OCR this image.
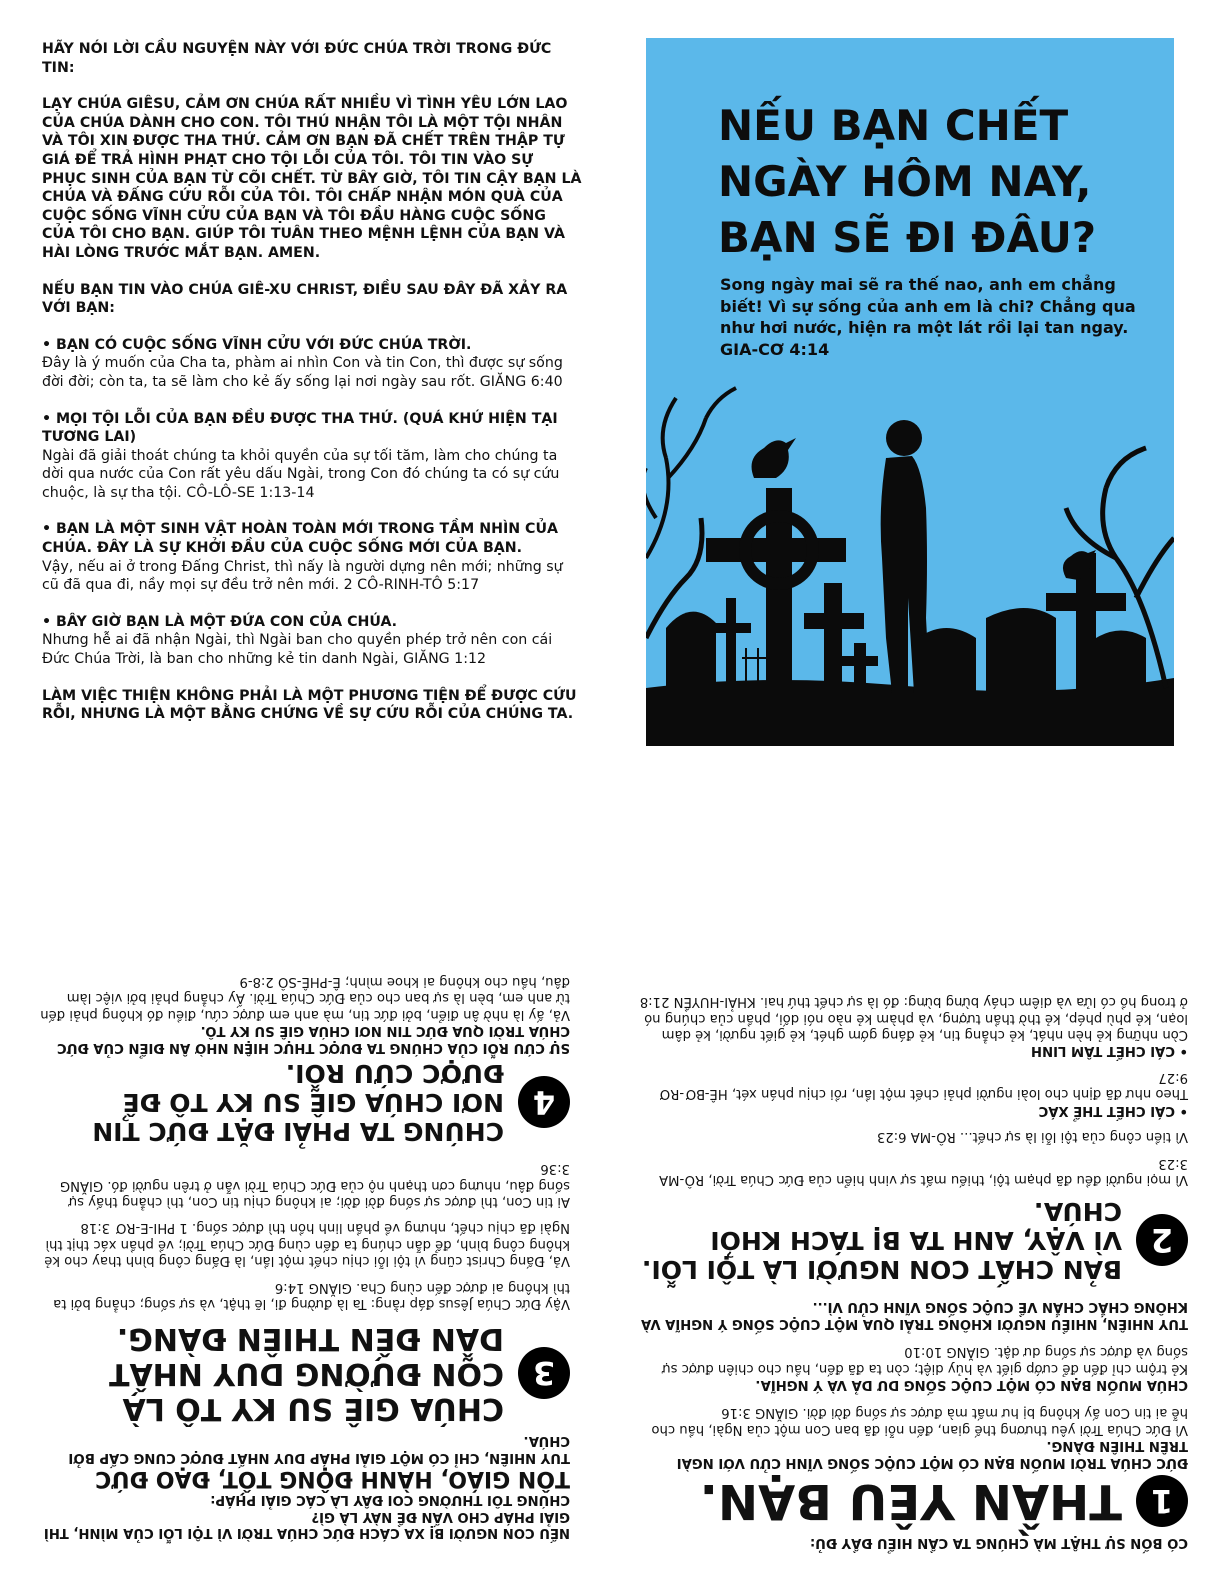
HÃY NÓI LỜI CẦU NGUYỆN NÀY VỚI ĐỨC CHÚA TRỜI TRONG ĐỨC TIN:

LẠY CHÚA GIÊSU, CẢM ƠN CHÚA RẤT NHIỀU VÌ TÌNH YÊU LỚN LAO CỦA CHÚA DÀNH CHO CON. TÔI THÚ NHẬN TÔI LÀ MỘT TỘI NHÂN VÀ TÔI XIN ĐƯỢC THA THỨ. CẢM ƠN BẠN ĐÃ CHẾT TRÊN THẬP TỰ GIÁ ĐỂ TRẢ HÌNH PHẠT CHO TỘI LỖI CỦA TÔI. TÔI TIN VÀO SỰ PHỤC SINH CỦA BẠN TỪ CÕI CHẾT. TỪ BÂY GIỜ, TÔI TIN CẬY BẠN LÀ CHÚA VÀ ĐẤNG CỨU RỖI CỦA TÔI. TÔI CHẤP NHẬN MÓN QUÀ CỦA CUỘC SỐNG VĨNH CỬU CỦA BẠN VÀ TÔI ĐẦU HÀNG CUỘC SỐNG CỦA TÔI CHO BẠN. GIÚP TÔI TUÂN THEO MỆNH LỆNH CỦA BẠN VÀ HÀI LÒNG TRƯỚC MẮT BẠN. AMEN.

NẾU BẠN TIN VÀO CHÚA GIÊ-XU CHRIST, ĐIỀU SAU ĐÂY ĐÃ XẢY RA VỚI BẠN:

• BẠN CÓ CUỘC SỐNG VĨNH CỬU VỚI ĐỨC CHÚA TRỜI.

Đây là ý muốn của Cha ta, phàm ai nhìn Con và tin Con, thì được sự sống đời đời; còn ta, ta sẽ làm cho kẻ ấy sống lại nơi ngày sau rốt. GIĂNG 6:40

• MỌI TỘI LỖI CỦA BẠN ĐỀU ĐƯỢC THA THỨ. (QUÁ KHỨ HIỆN TẠI TƯƠNG LAI)

Ngài đã giải thoát chúng ta khỏi quyền của sự tối tăm, làm cho chúng ta dời qua nước của Con rất yêu dấu Ngài, trong Con đó chúng ta có sự cứu chuộc, là sự tha tội. CÔ-LÔ-SE 1:13-14

• BẠN LÀ MỘT SINH VẬT HOÀN TOÀN MỚI TRONG TẦM NHÌN CỦA CHÚA. ĐÂY LÀ SỰ KHỞI ĐẦU CỦA CUỘC SỐNG MỚI CỦA BẠN.

Vậy, nếu ai ở trong Đấng Christ, thì nấy là người dựng nên mới; những sự cũ đã qua đi, nầy mọi sự đều trở nên mới. 2 CÔ-RINH-TÔ 5:17

• BÂY GIỜ BẠN LÀ MỘT ĐỨA CON CỦA CHÚA.

Nhưng hễ ai đã nhận Ngài, thì Ngài ban cho quyền phép trở nên con cái Đức Chúa Trời, là ban cho những kẻ tin danh Ngài, GIĂNG 1:12

LÀM VIỆC THIỆN KHÔNG PHẢI LÀ MỘT PHƯƠNG TIỆN ĐỂ ĐƯỢC CỨU RỖI, NHƯNG LÀ MỘT BẰNG CHỨNG VỀ SỰ CỨU RỖI CỦA CHÚNG TA.

NẾU BẠN CHẾT NGÀY HÔM NAY, BẠN SẼ ĐI ĐÂU?

Song ngày mai sẽ ra thế nao, anh em chẳng biết! Vì sự sống của anh em là chi? Chẳng qua như hơi nước, hiện ra một lát rồi lại tan ngay. GIA-CƠ 4:14

CÓ BỐN SỰ THẬT MÀ CHÚNG TA CẦN HIỂU ĐẦY ĐỦ:

1
THẦN YÊU BẠN.

ĐỨC CHÚA TRỜI MUỐN BẠN CÓ MỘT CUỘC SỐNG VĨNH CỬU VỚI NGÀI TRÊN THIÊN ĐÀNG.

Vì Đức Chúa Trời yêu thương thế gian, đến nỗi đã ban Con một của Ngài, hầu cho hễ ai tin Con ấy không bị hư mất mà được sự sống đời đời. GIĂNG 3:16

CHÚA MUỐN BẠN CÓ MỘT CUỘC SỐNG DƯ DẢ VÀ Ý NGHĨA.

Kẻ trộm chỉ đến để cướp giết và hủy diệt; còn ta đã đến, hầu cho chiên được sự sống và được sự sống dư dật. GIĂNG 10:10

TUY NHIÊN, NHIỀU NGƯỜI KHÔNG TRẢI QUA MỘT CUỘC SỐNG Ý NGHĨA VÀ KHÔNG CHẮC CHẮN VỀ CUỘC SỐNG VĨNH CỬU VÌ...

2
BẢN CHẤT CON NGƯỜI LÀ TỘI LỖI. VÌ VẬY, ANH TA BỊ TÁCH KHỎI CHÚA.

Vì mọi người đều đã phạm tội, thiếu mất sự vinh hiển của Đức Chúa Trời, RÔ-MA 3:23

Vì tiền công của tội lỗi là sự chết... RÔ-MA 6:23

• CÁI CHẾT THỂ XÁC

Theo như đã định cho loài người phải chết một lần, rồi chịu phán xét, HÊ-BƠ-RƠ 9:27

• CÁI CHẾT TÂM LINH

Còn những kẻ hèn nhát, kẻ chẳng tin, kẻ đáng gớm ghét, kẻ giết người, kẻ dâm loạn, kẻ phù phép, kẻ thờ thần tượng, và phàm kẻ nào nói dối, phần của chúng nó ở trong hồ có lửa và diêm cháy bừng bừng: đó là sự chết thứ hai. KHẢI-HUYỀN 21:8

NẾU CON NGƯỜI BỊ XA CÁCH ĐỨC CHÚA TRỜI VÌ TỘI LỖI CỦA MÌNH, THÌ GIẢI PHÁP CHO VẤN ĐỀ NÀY LÀ GÌ?

CHÚNG TÔI THƯỜNG COI ĐÂY LÀ CÁC GIẢI PHÁP:

TÔN GIÁO, HÀNH ĐỘNG TỐT, ĐẠO ĐỨC

TUY NHIÊN, CHỈ CÓ MỘT GIẢI PHÁP DUY NHẤT ĐƯỢC CUNG CẤP BỞI CHÚA.

3
CHÚA GIÊ SU KY TÔ LÀ CON ĐƯỜNG DUY NHẤT DẪN ĐẾN THIÊN ĐÀNG.

Vậy Đức Chúa Jêsus đáp rằng: Ta là đường đi, lẽ thật, và sự sống; chẳng bởi ta thì không ai được đến cùng Cha. GIĂNG 14:6

Vả, Đấng Christ cũng vì tội lỗi chịu chết một lần, là Đấng công bình thay cho kẻ không công bình, để dẫn chúng ta đến cùng Đức Chúa Trời; về phần xác thịt thì Ngài đã chịu chết, nhưng về phần linh hồn thì được sống. 1 PHI-E-RƠ 3:18

Ai tin Con, thì được sự sống đời đời; ai không chịu tin Con, thì chẳng thấy sự sống đâu, nhưng cơn thạnh nộ của Đức Chúa Trời vẫn ở trên người đó. GIĂNG 3:36

4
CHÚNG TA PHẢI ĐẶT ĐỨC TIN NƠI CHÚA GIÊ SU KY TÔ ĐỂ ĐƯỢC CỨU RỖI.

SỰ CỨU RỖI CỦA CHÚNG TA ĐƯỢC THỰC HIỆN NHỜ ÂN ĐIỂN CỦA ĐỨC CHÚA TRỜI QUA ĐỨC TIN NƠI CHÚA GIÊ SU KY TÔ.

Vả, ấy là nhờ ân điển, bởi đức tin, mà anh em được cứu, điều đó không phải đến từ anh em, bèn là sự ban cho của Đức Chúa Trời. Ấy chẳng phải bởi việc làm đâu, hầu cho không ai khoe mình; Ê-PHÊ-SÔ 2:8-9
